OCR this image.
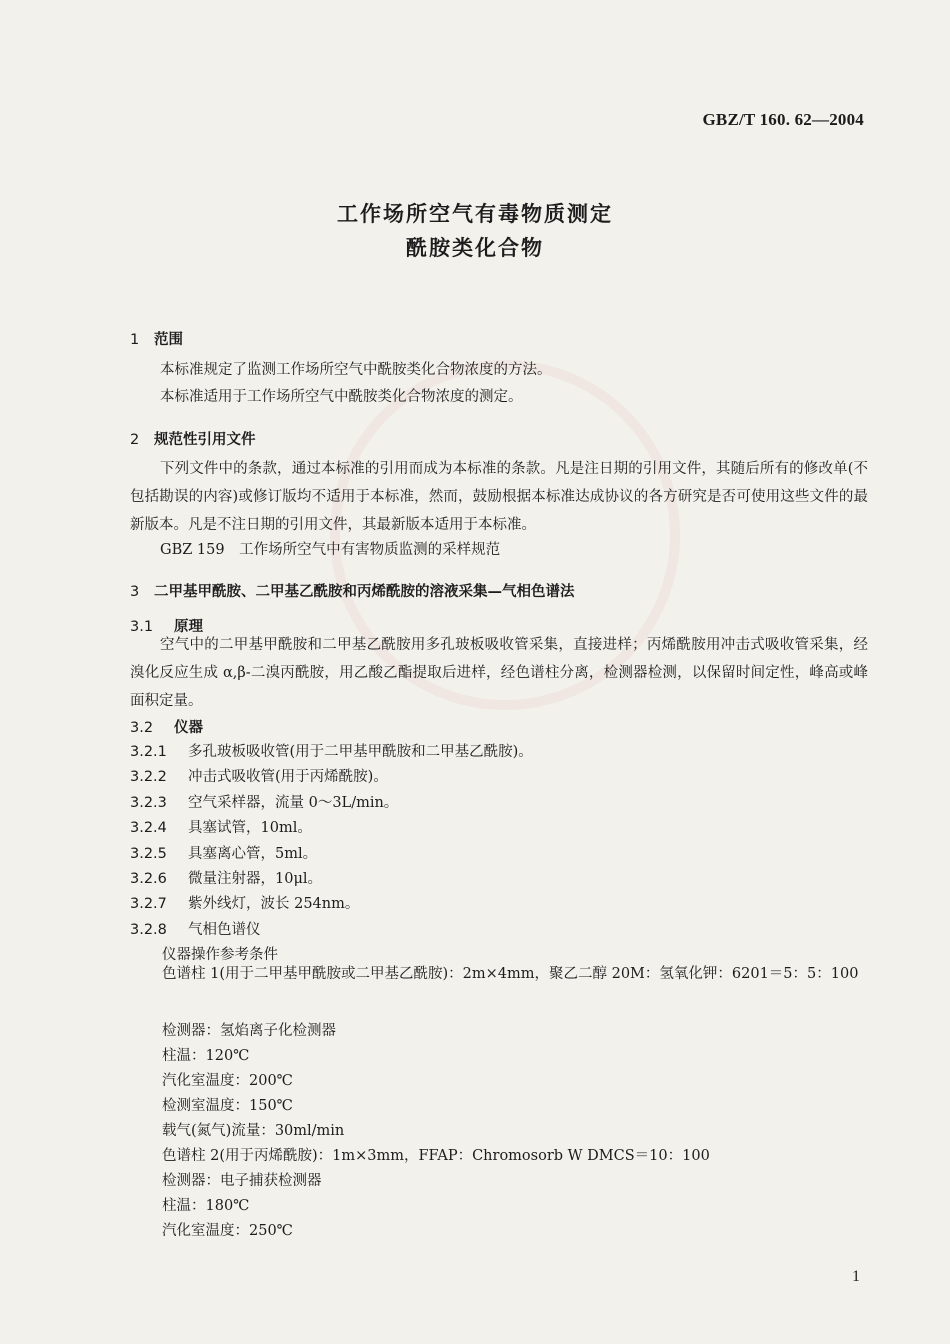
GBZ/T 160. 62—2004
工作场所空气有毒物质测定
酰胺类化合物
1 范围
本标准规定了监测工作场所空气中酰胺类化合物浓度的方法。
本标准适用于工作场所空气中酰胺类化合物浓度的测定。
2 规范性引用文件
下列文件中的条款，通过本标准的引用而成为本标准的条款。凡是注日期的引用文件，其随后所有的修改单(不包括勘误的内容)或修订版均不适用于本标准，然而，鼓励根据本标准达成协议的各方研究是否可使用这些文件的最新版本。凡是不注日期的引用文件，其最新版本适用于本标准。
GBZ 159　工作场所空气中有害物质监测的采样规范
3 二甲基甲酰胺、二甲基乙酰胺和丙烯酰胺的溶液采集—气相色谱法
3.1 原理
空气中的二甲基甲酰胺和二甲基乙酰胺用多孔玻板吸收管采集，直接进样；丙烯酰胺用冲击式吸收管采集，经溴化反应生成 α,β-二溴丙酰胺，用乙酸乙酯提取后进样，经色谱柱分离，检测器检测，以保留时间定性，峰高或峰面积定量。
3.2 仪器
3.2.1 多孔玻板吸收管(用于二甲基甲酰胺和二甲基乙酰胺)。
3.2.2 冲击式吸收管(用于丙烯酰胺)。
3.2.3 空气采样器，流量 0～3L/min。
3.2.4 具塞试管，10ml。
3.2.5 具塞离心管，5ml。
3.2.6 微量注射器，10μl。
3.2.7 紫外线灯，波长 254nm。
3.2.8 气相色谱仪
仪器操作参考条件
色谱柱 1(用于二甲基甲酰胺或二甲基乙酰胺)：2m×4mm，聚乙二醇 20M：氢氧化钾：6201＝5：5：100
检测器：氢焰离子化检测器
柱温：120℃
汽化室温度：200℃
检测室温度：150℃
载气(氮气)流量：30ml/min
色谱柱 2(用于丙烯酰胺)：1m×3mm，FFAP：Chromosorb W DMCS＝10：100
检测器：电子捕获检测器
柱温：180℃
汽化室温度：250℃
1
